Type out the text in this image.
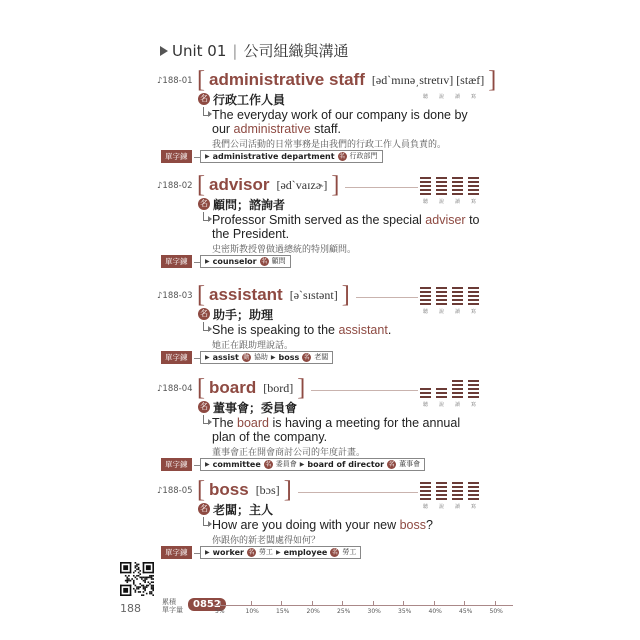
Unit 01 | 公司組織與溝通
♪188-01 [ administrative staff [əd`mɪnə͵stretɪv] [stæf] ]
聽 說 讀 寫
名 行政工作人員
The everyday work of our company is done by our administrative staff.
我們公司活動的日常事務是由我們的行政工作人員負責的。
單字鍊	▶ administrative department 名 行政部門
♪188-02 [ advisor [əd`vaɪzɚ] ]
聽 說 讀 寫
名 顧問；諮詢者
Professor Smith served as the special adviser to the President.
史密斯教授曾做過總統的特別顧問。
單字鍊	▶ counselor 名 顧問
♪188-03 [ assistant [ə`sɪstənt] ]
聽 說 讀 寫
名 助手；助理
She is speaking to the assistant.
她正在跟助理說話。
單字鍊	▶ assist 動 協助 ▶ boss 名 老闆
♪188-04 [ board [bord] ]
聽 說 讀 寫
名 董事會；委員會
The board is having a meeting for the annual plan of the company.
董事會正在開會商討公司的年度計畫。
單字鍊	▶ committee 名 委員會 ▶ board of director 名 董事會
♪188-05 [ boss [bɔs] ]
聽 說 讀 寫
名 老闆；主人
How are you doing with your new boss?
你跟你的新老闆處得如何？
單字鍊	▶ worker 名 勞工 ▶ employee 名 勞工
188	累積
單字量	0852
5%	10%	15%	20%	25%	30%	35%	40%	45%	50%
